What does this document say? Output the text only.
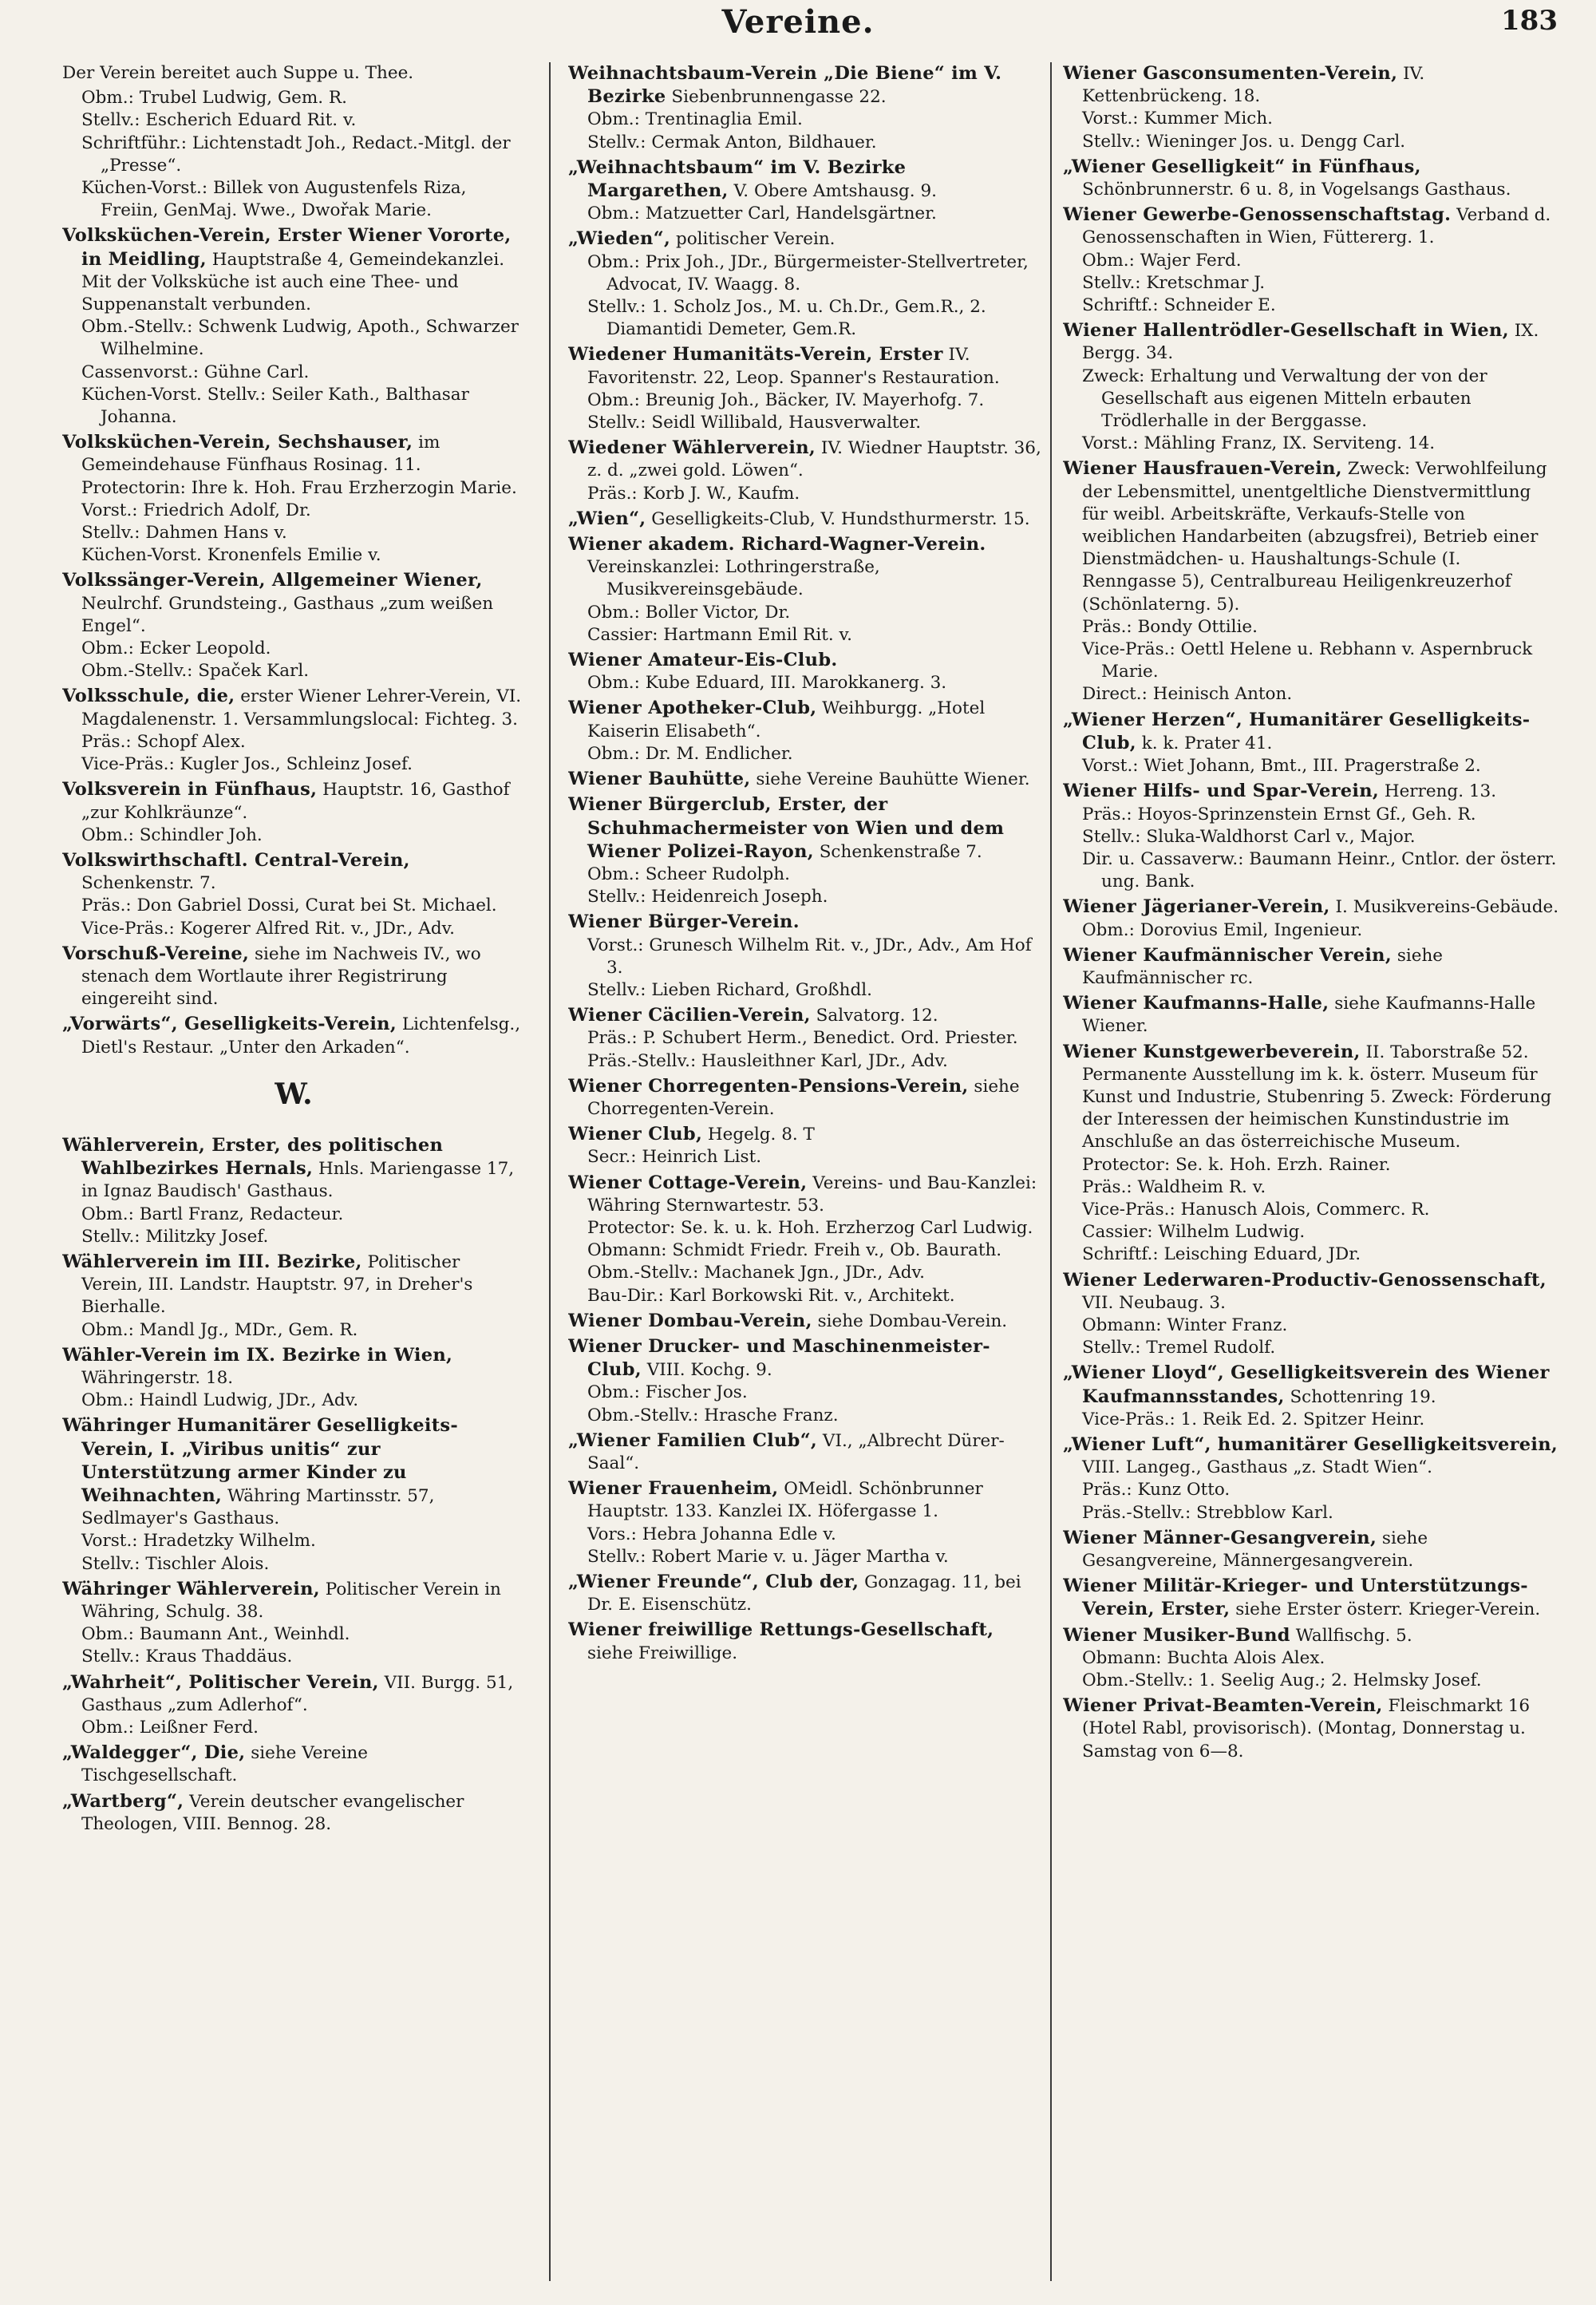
Vereine.	183
Der Verein bereitet auch Suppe u. Thee.
Obm.: Trubel Ludwig, Gem. R.
Stellv.: Escherich Eduard Rit. v.
Schriftführ.: Lichtenstadt Joh., Redact.-Mitgl. der „Presse“.
Küchen-Vorst.: Billek von Augustenfels Riza, Freiin, GenMaj. Wwe., Dwořak Marie.
Volksküchen-Verein, Erster Wiener Vororte, in Meidling, Hauptstraße 4, Gemeindekanzlei. Mit der Volksküche ist auch eine Thee- und Suppenanstalt verbunden.
Obm.-Stellv.: Schwenk Ludwig, Apoth., Schwarzer Wilhelmine.
Cassenvorst.: Gühne Carl.
Küchen-Vorst. Stellv.: Seiler Kath., Balthasar Johanna.
Volksküchen-Verein, Sechshauser, im Gemeindehause Fünfhaus Rosinag. 11.
Protectorin: Ihre k. Hoh. Frau Erzherzogin Marie.
Vorst.: Friedrich Adolf, Dr.
Stellv.: Dahmen Hans v.
Küchen-Vorst. Kronenfels Emilie v.
Volkssänger-Verein, Allgemeiner Wiener, Neulrchf. Grundsteing., Gasthaus „zum weißen Engel“.
Obm.: Ecker Leopold.
Obm.-Stellv.: Spaček Karl.
Volksschule, die, erster Wiener Lehrer-Verein, VI. Magdalenenstr. 1. Versammlungslocal: Fichteg. 3.
Präs.: Schopf Alex.
Vice-Präs.: Kugler Jos., Schleinz Josef.
Volksverein in Fünfhaus, Hauptstr. 16, Gasthof „zur Kohlkräunze“.
Obm.: Schindler Joh.
Volkswirthschaftl. Central-Verein, Schenkenstr. 7.
Präs.: Don Gabriel Dossi, Curat bei St. Michael.
Vice-Präs.: Kogerer Alfred Rit. v., JDr., Adv.
Vorschuß-Vereine, siehe im Nachweis IV., wo stenach dem Wortlaute ihrer Registrirung eingereiht sind.
„Vorwärts“, Geselligkeits-Verein, Lichtenfelsg., Dietl's Restaur. „Unter den Arkaden“.
W.
Wählerverein, Erster, des politischen Wahlbezirkes Hernals, Hnls. Mariengasse 17, in Ignaz Baudisch' Gasthaus.
Obm.: Bartl Franz, Redacteur.
Stellv.: Militzky Josef.
Wählerverein im III. Bezirke, Politischer Verein, III. Landstr. Hauptstr. 97, in Dreher's Bierhalle.
Obm.: Mandl Jg., MDr., Gem. R.
Wähler-Verein im IX. Bezirke in Wien, Währingerstr. 18.
Obm.: Haindl Ludwig, JDr., Adv.
Währinger Humanitärer Geselligkeits-Verein, I. „Viribus unitis“ zur Unterstützung armer Kinder zu Weihnachten, Währing Martinsstr. 57, Sedlmayer's Gasthaus.
Vorst.: Hradetzky Wilhelm.
Stellv.: Tischler Alois.
Währinger Wählerverein, Politischer Verein in Währing, Schulg. 38.
Obm.: Baumann Ant., Weinhdl.
Stellv.: Kraus Thaddäus.
„Wahrheit“, Politischer Verein, VII. Burgg. 51, Gasthaus „zum Adlerhof“.
Obm.: Leißner Ferd.
„Waldegger“, Die, siehe Vereine Tischgesellschaft.
„Wartberg“, Verein deutscher evangelischer Theologen, VIII. Bennog. 28.
Weihnachtsbaum-Verein „Die Biene“ im V. Bezirke Siebenbrunnengasse 22.
Obm.: Trentinaglia Emil.
Stellv.: Cermak Anton, Bildhauer.
„Weihnachtsbaum“ im V. Bezirke Margarethen, V. Obere Amtshausg. 9.
Obm.: Matzuetter Carl, Handelsgärtner.
„Wieden“, politischer Verein.
Obm.: Prix Joh., JDr., Bürgermeister-Stellvertreter, Advocat, IV. Waagg. 8.
Stellv.: 1. Scholz Jos., M. u. Ch.Dr., Gem.R., 2. Diamantidi Demeter, Gem.R.
Wiedener Humanitäts-Verein, Erster IV. Favoritenstr. 22, Leop. Spanner's Restauration.
Obm.: Breunig Joh., Bäcker, IV. Mayerhofg. 7.
Stellv.: Seidl Willibald, Hausverwalter.
Wiedener Wählerverein, IV. Wiedner Hauptstr. 36, z. d. „zwei gold. Löwen“.
Präs.: Korb J. W., Kaufm.
„Wien“, Geselligkeits-Club, V. Hundsthurmerstr. 15.
Wiener akadem. Richard-Wagner-Verein.
Vereinskanzlei: Lothringerstraße, Musikvereinsgebäude.
Obm.: Boller Victor, Dr.
Cassier: Hartmann Emil Rit. v.
Wiener Amateur-Eis-Club.
Obm.: Kube Eduard, III. Marokkanerg. 3.
Wiener Apotheker-Club, Weihburgg. „Hotel Kaiserin Elisabeth“.
Obm.: Dr. M. Endlicher.
Wiener Bauhütte, siehe Vereine Bauhütte Wiener.
Wiener Bürgerclub, Erster, der Schuhmachermeister von Wien und dem Wiener Polizei-Rayon, Schenkenstraße 7.
Obm.: Scheer Rudolph.
Stellv.: Heidenreich Joseph.
Wiener Bürger-Verein.
Vorst.: Grunesch Wilhelm Rit. v., JDr., Adv., Am Hof 3.
Stellv.: Lieben Richard, Großhdl.
Wiener Cäcilien-Verein, Salvatorg. 12.
Präs.: P. Schubert Herm., Benedict. Ord. Priester.
Präs.-Stellv.: Hausleithner Karl, JDr., Adv.
Wiener Chorregenten-Pensions-Verein, siehe Chorregenten-Verein.
Wiener Club, Hegelg. 8. T
Secr.: Heinrich List.
Wiener Cottage-Verein, Vereins- und Bau-Kanzlei: Währing Sternwartestr. 53.
Protector: Se. k. u. k. Hoh. Erzherzog Carl Ludwig.
Obmann: Schmidt Friedr. Freih v., Ob. Baurath.
Obm.-Stellv.: Machanek Jgn., JDr., Adv.
Bau-Dir.: Karl Borkowski Rit. v., Architekt.
Wiener Dombau-Verein, siehe Dombau-Verein.
Wiener Drucker- und Maschinenmeister-Club, VIII. Kochg. 9.
Obm.: Fischer Jos.
Obm.-Stellv.: Hrasche Franz.
„Wiener Familien Club“, VI., „Albrecht Dürer-Saal“.
Wiener Frauenheim, OMeidl. Schönbrunner Hauptstr. 133. Kanzlei IX. Höfergasse 1.
Vors.: Hebra Johanna Edle v.
Stellv.: Robert Marie v. u. Jäger Martha v.
„Wiener Freunde“, Club der, Gonzagag. 11, bei Dr. E. Eisenschütz.
Wiener freiwillige Rettungs-Gesellschaft, siehe Freiwillige.
Wiener Gasconsumenten-Verein, IV. Kettenbrückeng. 18.
Vorst.: Kummer Mich.
Stellv.: Wieninger Jos. u. Dengg Carl.
„Wiener Geselligkeit“ in Fünfhaus, Schönbrunnerstr. 6 u. 8, in Vogelsangs Gasthaus.
Wiener Gewerbe-Genossenschaftstag. Verband d. Genossenschaften in Wien, Füttererg. 1.
Obm.: Wajer Ferd.
Stellv.: Kretschmar J.
Schriftf.: Schneider E.
Wiener Hallentrödler-Gesellschaft in Wien, IX. Bergg. 34.
Zweck: Erhaltung und Verwaltung der von der Gesellschaft aus eigenen Mitteln erbauten Trödlerhalle in der Berggasse.
Vorst.: Mähling Franz, IX. Servitеng. 14.
Wiener Hausfrauen-Verein, Zweck: Verwohlfeilung der Lebensmittel, unentgeltliche Dienstvermittlung für weibl. Arbeitskräfte, Verkaufs-Stelle von weiblichen Handarbeiten (abzugsfrei), Betrieb einer Dienstmädchen- u. Haushaltungs-Schule (I. Renngasse 5), Centralbureau Heiligenkreuzerhof (Schönlaterng. 5).
Präs.: Bondy Ottilie.
Vice-Präs.: Oettl Helene u. Rebhann v. Aspernbruck Marie.
Direct.: Heinisch Anton.
„Wiener Herzen“, Humanitärer Geselligkeits-Club, k. k. Prater 41.
Vorst.: Wiet Johann, Bmt., III. Pragerstraße 2.
Wiener Hilfs- und Spar-Verein, Herreng. 13.
Präs.: Hoyos-Sprinzenstein Ernst Gf., Geh. R.
Stellv.: Sluka-Waldhorst Carl v., Major.
Dir. u. Cassaverw.: Baumann Heinr., Cntlor. der österr. ung. Bank.
Wiener Jägerianer-Verein, I. Musikvereins-Gebäude.
Obm.: Dorovius Emil, Ingenieur.
Wiener Kaufmännischer Verein, siehe Kaufmännischer rc.
Wiener Kaufmanns-Halle, siehe Kaufmanns-Halle Wiener.
Wiener Kunstgewerbeverein, II. Taborstraße 52. Permanente Ausstellung im k. k. österr. Museum für Kunst und Industrie, Stubenring 5. Zweck: Förderung der Interessen der heimischen Kunstindustrie im Anschluße an das österreichische Museum.
Protector: Se. k. Hoh. Erzh. Rainer.
Präs.: Waldheim R. v.
Vice-Präs.: Hanusch Alois, Commerc. R.
Cassier: Wilhelm Ludwig.
Schriftf.: Leisching Eduard, JDr.
Wiener Lederwaren-Productiv-Genossenschaft, VII. Neubaug. 3.
Obmann: Winter Franz.
Stellv.: Tremel Rudolf.
„Wiener Lloyd“, Geselligkeitsverein des Wiener Kaufmannsstandes, Schottenring 19.
Vice-Präs.: 1. Reik Ed. 2. Spitzer Heinr.
„Wiener Luft“, humanitärer Geselligkeitsverein, VIII. Langeg., Gasthaus „z. Stadt Wien“.
Präs.: Kunz Otto.
Präs.-Stellv.: Strebblow Karl.
Wiener Männer-Gesangverein, siehe Gesangvereine, Männergesangverein.
Wiener Militär-Krieger- und Unterstützungs-Verein, Erster, siehe Erster österr. Krieger-Verein.
Wiener Musiker-Bund Wallfischg. 5.
Obmann: Buchta Alois Alex.
Obm.-Stellv.: 1. Seelig Aug.; 2. Helmsky Josef.
Wiener Privat-Beamten-Verein, Fleischmarkt 16 (Hotel Rabl, provisorisch). (Montag, Donnerstag u. Samstag von 6—8.
